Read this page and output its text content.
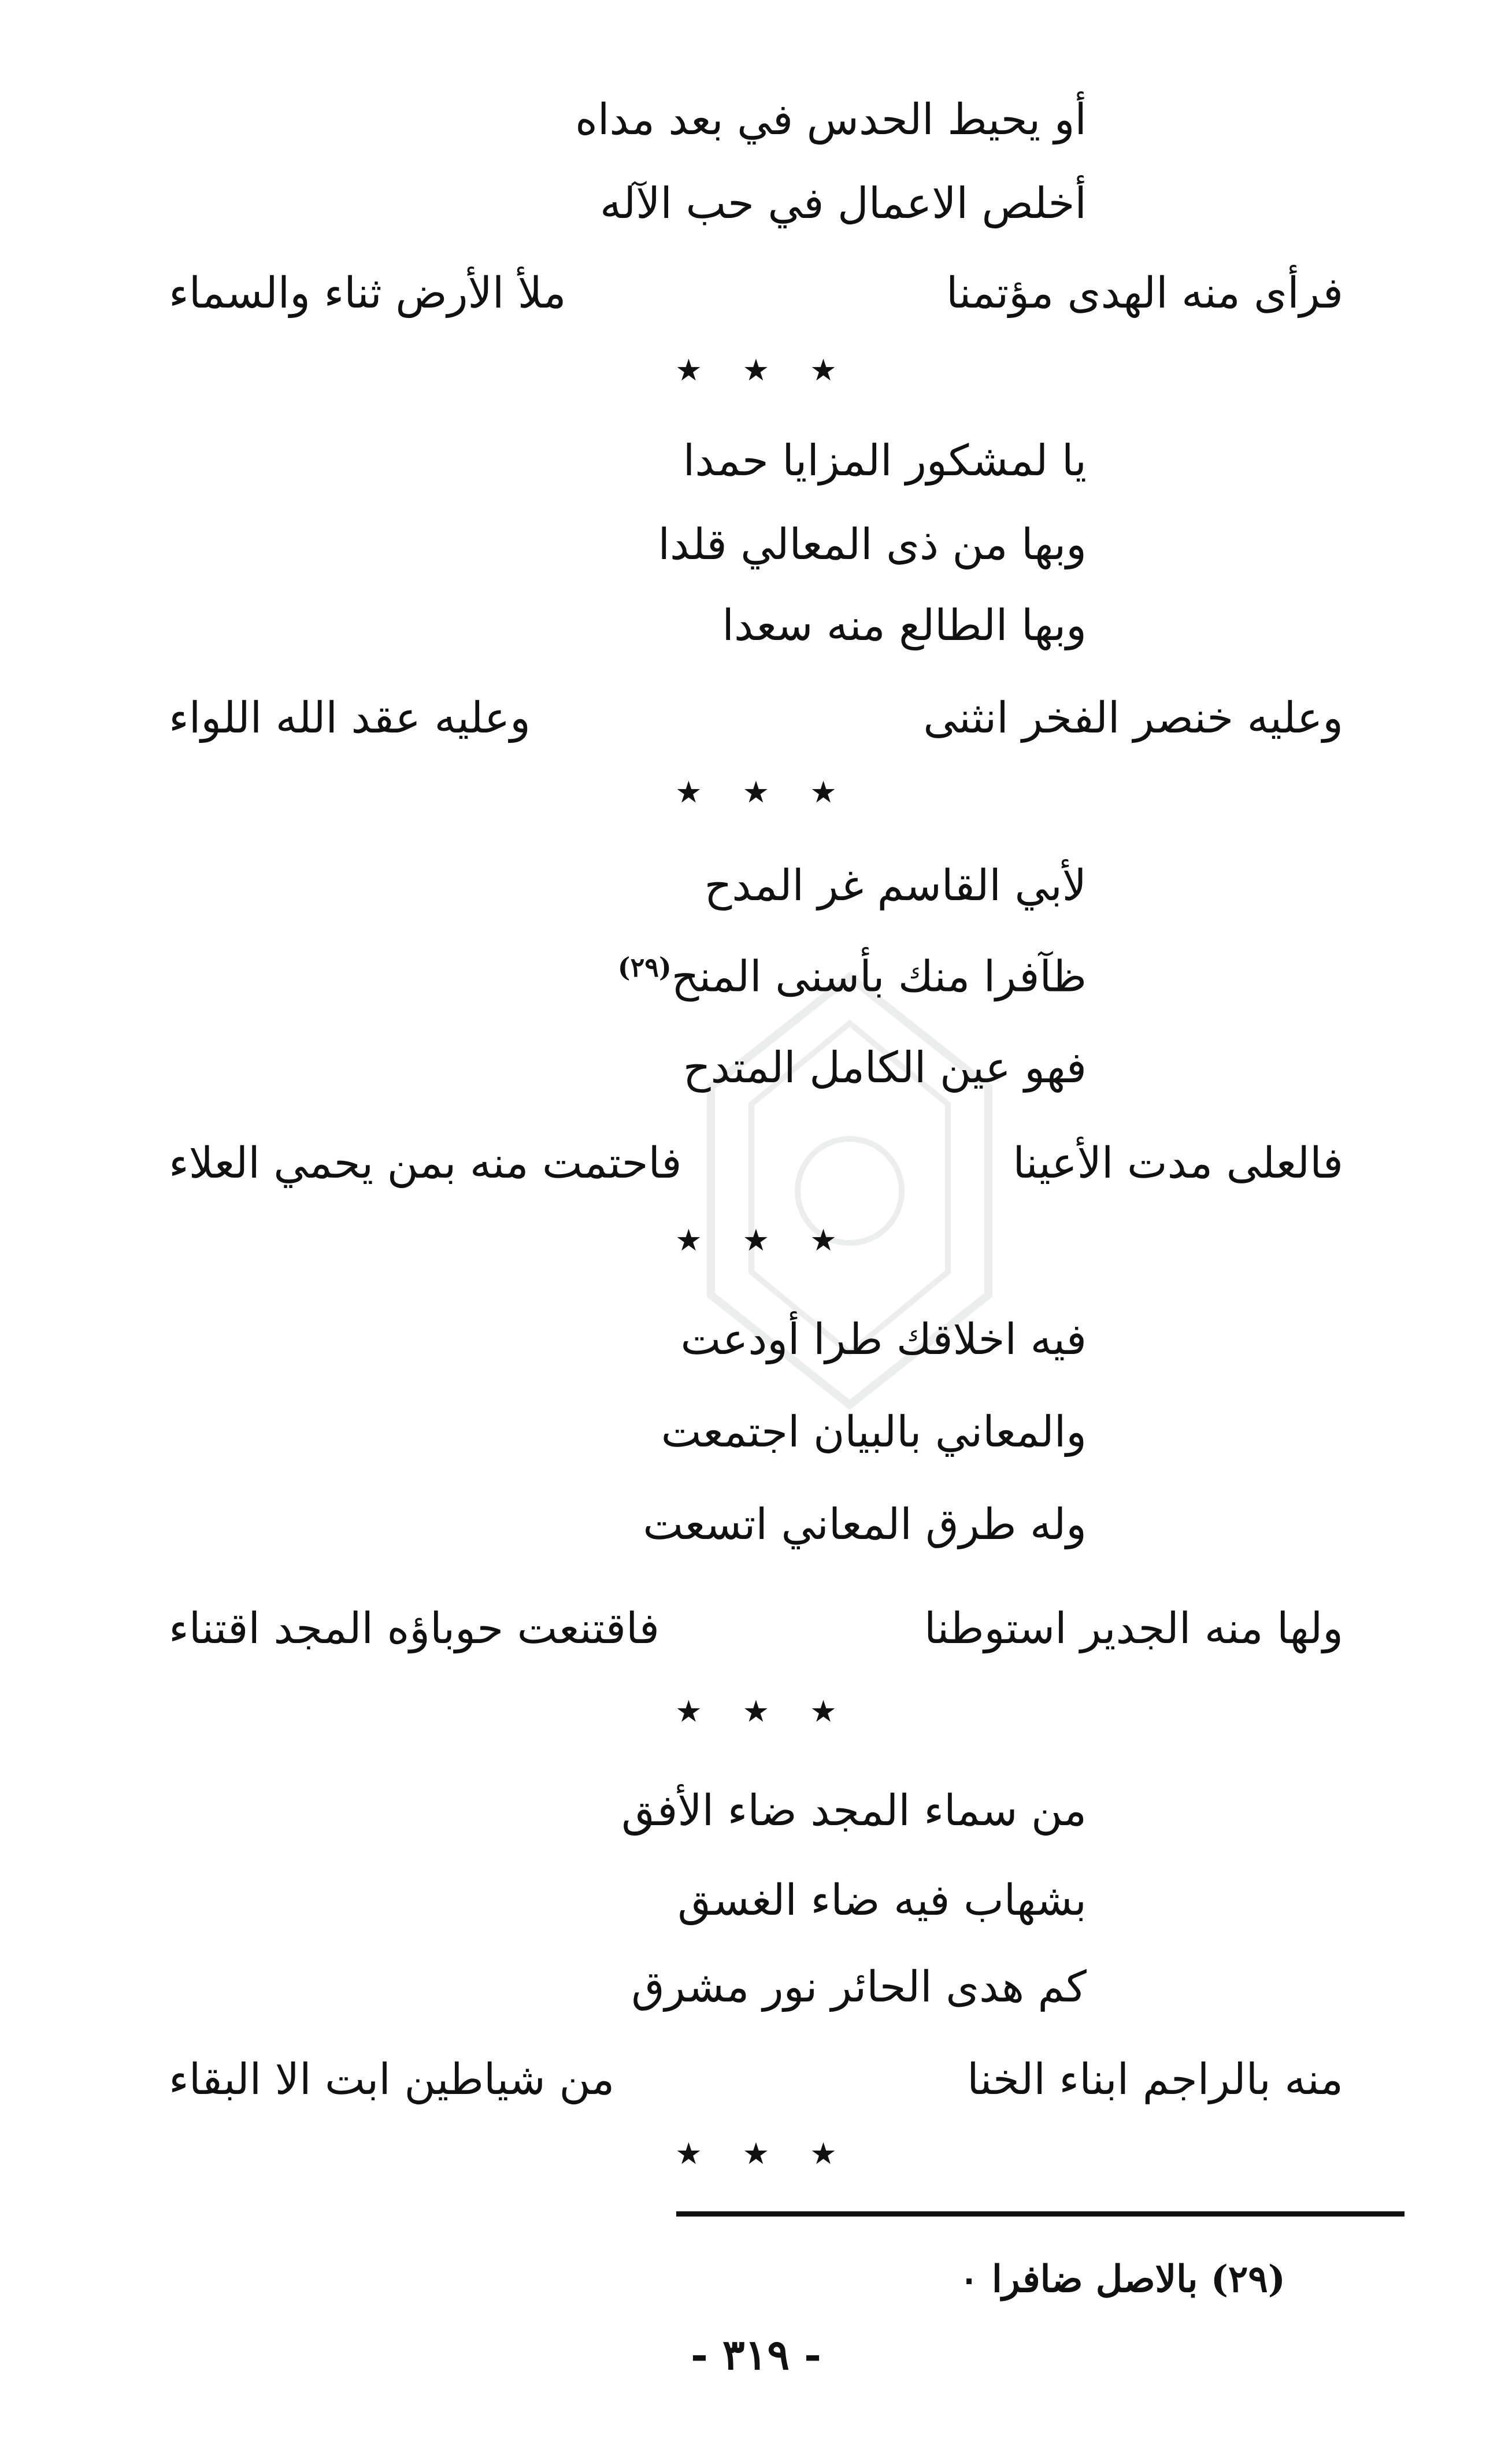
أو يحيط الحدس في بعد مداه
أخلص الاعمال في حب الآله
فرأى منه الهدى مؤتمنا
ملأ الأرض ثناء والسماء
★★★
يا لمشكور المزايا حمدا
وبها من ذى المعالي قلدا
وبها الطالع منه سعدا
وعليه خنصر الفخر انثنى
وعليه عقد الله اللواء
★★★
لأبي القاسم غر المدح
ظآفرا منك بأسنى المنح$^{(٢٩)}$
فهو عين الكامل المتدح
فالعلى مدت الأعينا
فاحتمت منه بمن يحمي العلاء
★★★
فيه اخلاقك طرا أودعت
والمعاني بالبيان اجتمعت
وله طرق المعاني اتسعت
ولها منه الجدير استوطنا
فاقتنعت حوباؤه المجد اقتناء
★★★
من سماء المجد ضاء الأفق
بشهاب فيه ضاء الغسق
كم هدى الحائر نور مشرق
منه بالراجم ابناء الخنا
من شياطين ابت الا البقاء
★★★
(٢٩) بالاصل ضافرا ٠
- ٣١٩ -
